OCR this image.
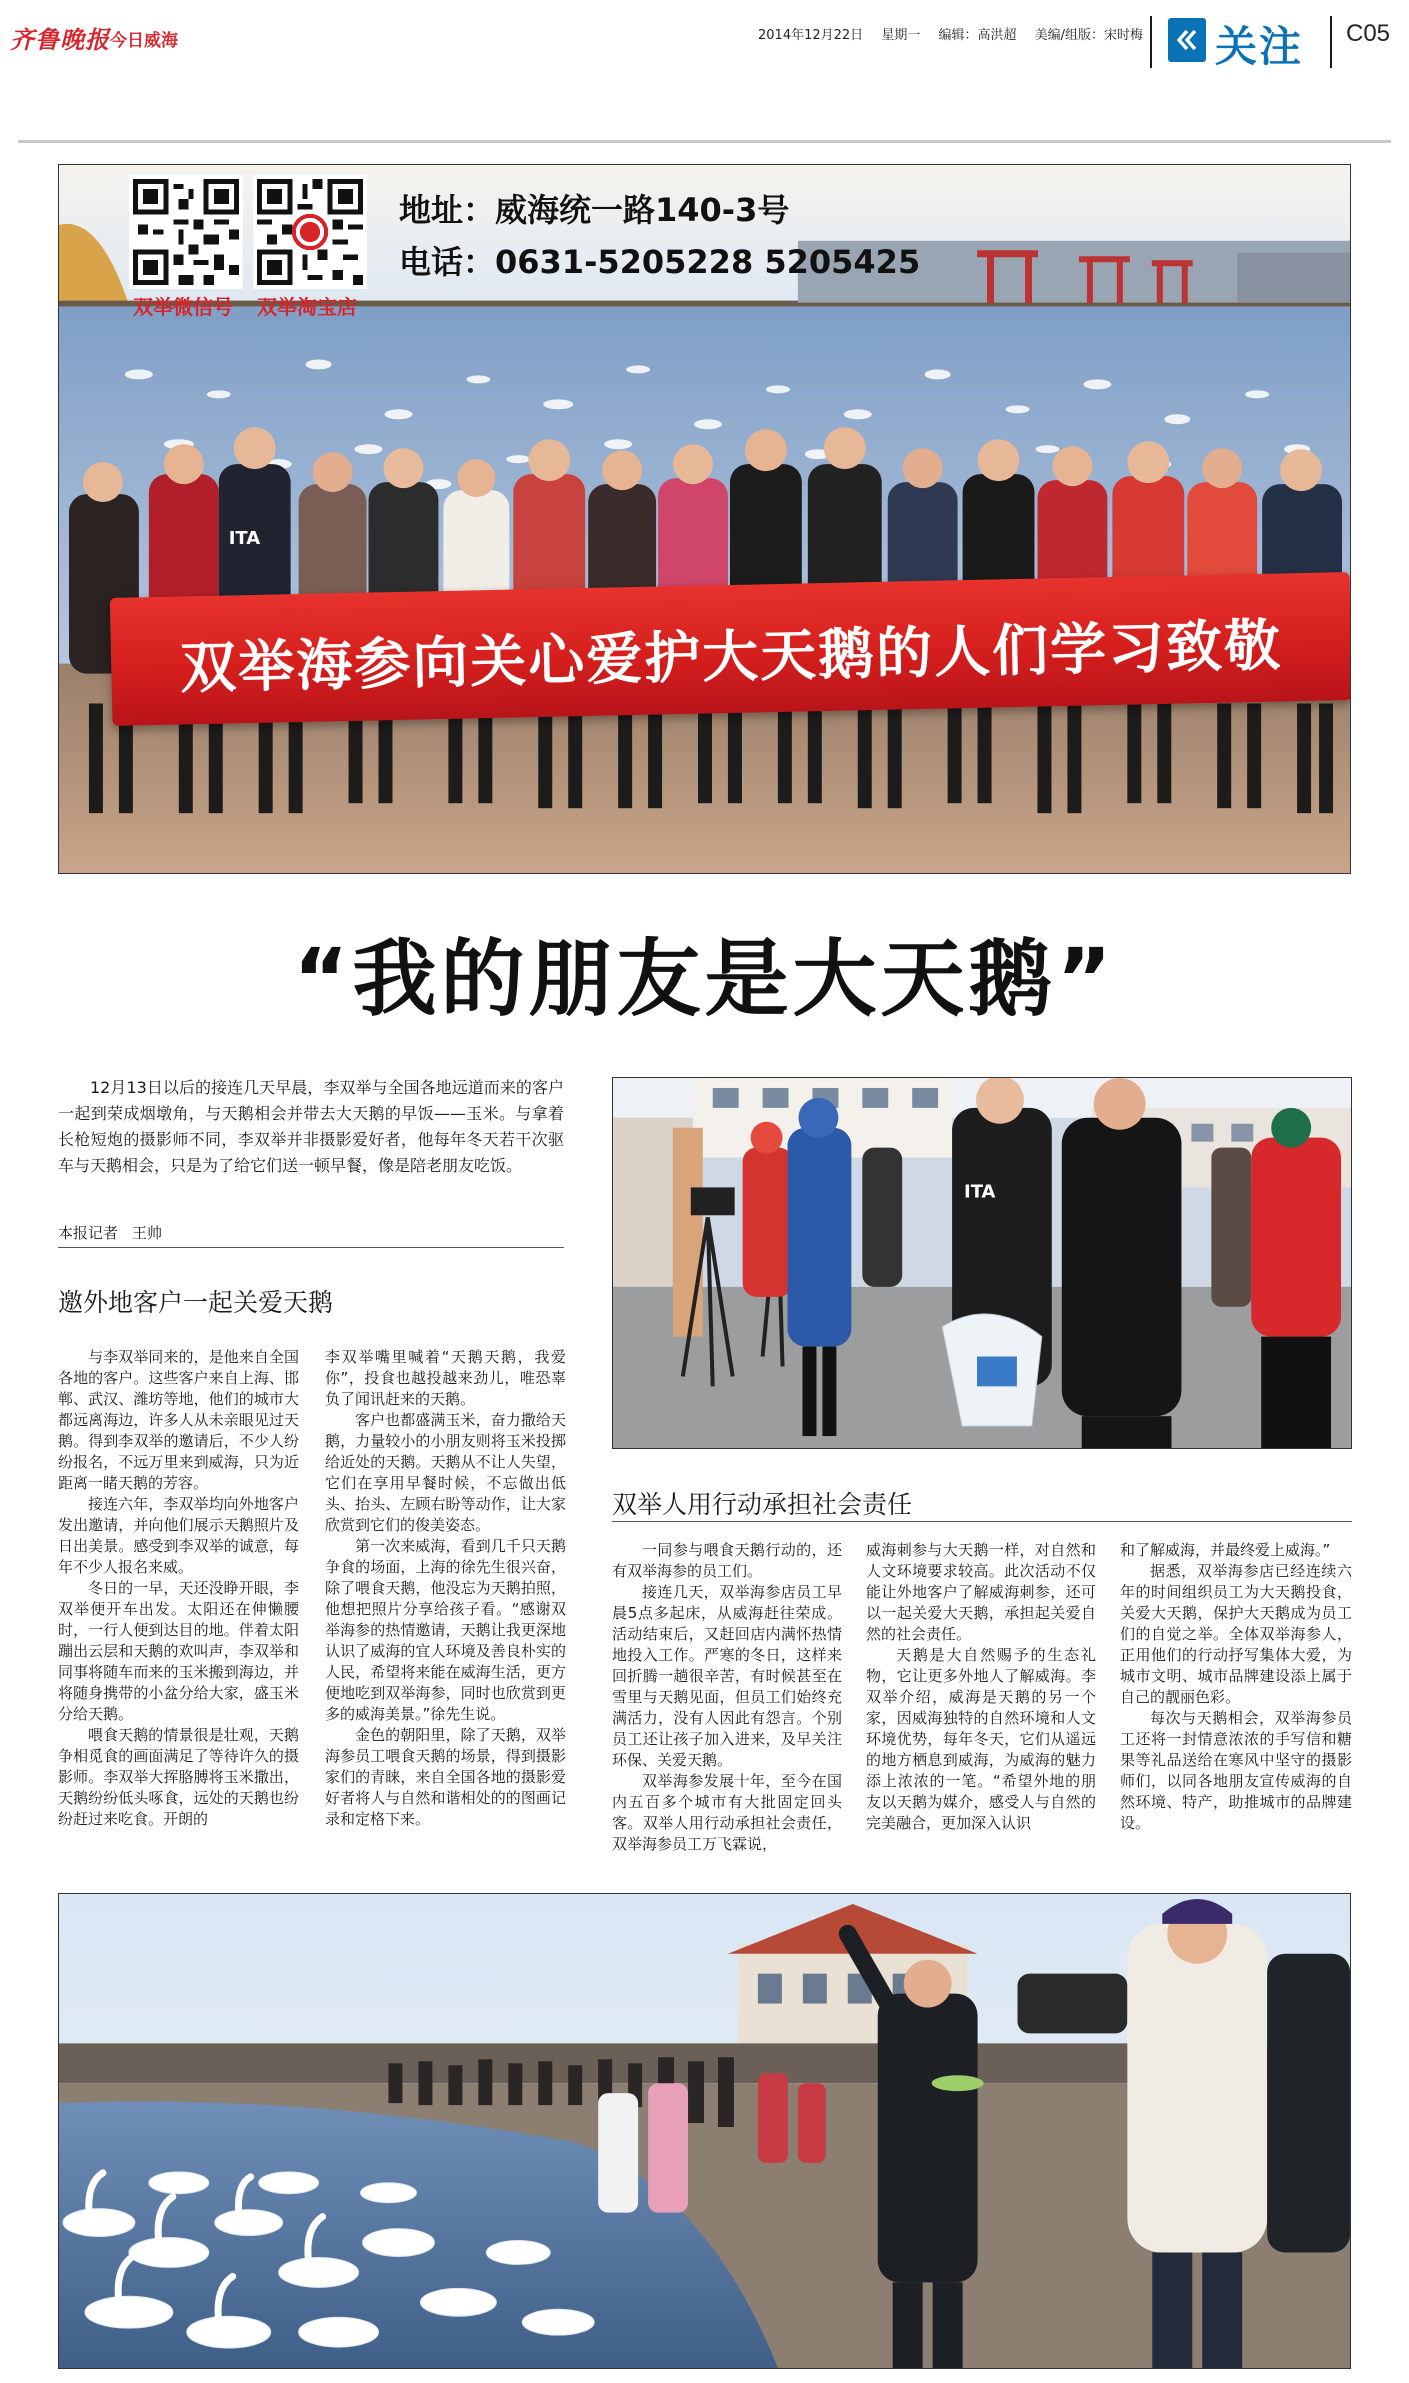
齐鲁晚报 今日威海	2014年12月22日 星期一 编辑：高洪超 美编/组版：宋时梅	关注 C05
ITA
双举微信号 双举淘宝店
地址：威海统一路140-3号
电话：0631-5205228 5205425
双举海参向关心爱护大天鹅的人们学习致敬
“我的朋友是大天鹅”

12月13日以后的接连几天早晨，李双举与全国各地远道而来的客户一起到荣成烟墩角，与天鹅相会并带去大天鹅的早饭——玉米。与拿着长枪短炮的摄影师不同，李双举并非摄影爱好者，他每年冬天若干次驱车与天鹅相会，只是为了给它们送一顿早餐，像是陪老朋友吃饭。

本报记者 王帅
ITA
邀外地客户一起关爱天鹅

与李双举同来的，是他来自全国各地的客户。这些客户来自上海、邯郸、武汉、潍坊等地，他们的城市大都远离海边，许多人从未亲眼见过天鹅。得到李双举的邀请后，不少人纷纷报名，不远万里来到威海，只为近距离一睹天鹅的芳容。

接连六年，李双举均向外地客户发出邀请，并向他们展示天鹅照片及日出美景。感受到李双举的诚意，每年不少人报名来威。

冬日的一早，天还没睁开眼，李双举便开车出发。太阳还在伸懒腰时，一行人便到达目的地。伴着太阳蹦出云层和天鹅的欢叫声，李双举和同事将随车而来的玉米搬到海边，并将随身携带的小盆分给大家，盛玉米分给天鹅。

喂食天鹅的情景很是壮观，天鹅争相觅食的画面满足了等待许久的摄影师。李双举大挥胳膊将玉米撒出，天鹅纷纷低头啄食，远处的天鹅也纷纷赶过来吃食。开朗的

李双举嘴里喊着“天鹅天鹅，我爱你”，投食也越投越来劲儿，唯恐辜负了闻讯赶来的天鹅。

客户也都盛满玉米，奋力撒给天鹅，力量较小的小朋友则将玉米投掷给近处的天鹅。天鹅从不让人失望，它们在享用早餐时候，不忘做出低头、抬头、左顾右盼等动作，让大家欣赏到它们的俊美姿态。

第一次来威海，看到几千只天鹅争食的场面，上海的徐先生很兴奋，除了喂食天鹅，他没忘为天鹅拍照，他想把照片分享给孩子看。“感谢双举海参的热情邀请，天鹅让我更深地认识了威海的宜人环境及善良朴实的人民，希望将来能在威海生活，更方便地吃到双举海参，同时也欣赏到更多的威海美景。”徐先生说。

金色的朝阳里，除了天鹅，双举海参员工喂食天鹅的场景，得到摄影家们的青睐，来自全国各地的摄影爱好者将人与自然和谐相处的的图画记录和定格下来。

双举人用行动承担社会责任

一同参与喂食天鹅行动的，还有双举海参的员工们。

接连几天，双举海参店员工早晨5点多起床，从威海赶往荣成。活动结束后，又赶回店内满怀热情地投入工作。严寒的冬日，这样来回折腾一趟很辛苦，有时候甚至在雪里与天鹅见面，但员工们始终充满活力，没有人因此有怨言。个别员工还让孩子加入进来，及早关注环保、关爱天鹅。

双举海参发展十年，至今在国内五百多个城市有大批固定回头客。双举人用行动承担社会责任，双举海参员工万飞霖说，

威海刺参与大天鹅一样，对自然和人文环境要求较高。此次活动不仅能让外地客户了解威海刺参，还可以一起关爱大天鹅，承担起关爱自然的社会责任。

天鹅是大自然赐予的生态礼物，它让更多外地人了解威海。李双举介绍，威海是天鹅的另一个家，因威海独特的自然环境和人文环境优势，每年冬天，它们从遥远的地方栖息到威海，为威海的魅力添上浓浓的一笔。“希望外地的朋友以天鹅为媒介，感受人与自然的完美融合，更加深入认识

和了解威海，并最终爱上威海。”

据悉，双举海参店已经连续六年的时间组织员工为大天鹅投食，关爱大天鹅，保护大天鹅成为员工们的自觉之举。全体双举海参人，正用他们的行动抒写集体大爱，为城市文明、城市品牌建设添上属于自己的靓丽色彩。

每次与天鹅相会，双举海参员工还将一封情意浓浓的手写信和糖果等礼品送给在寒风中坚守的摄影师们，以同各地朋友宣传威海的自然环境、特产，助推城市的品牌建设。
